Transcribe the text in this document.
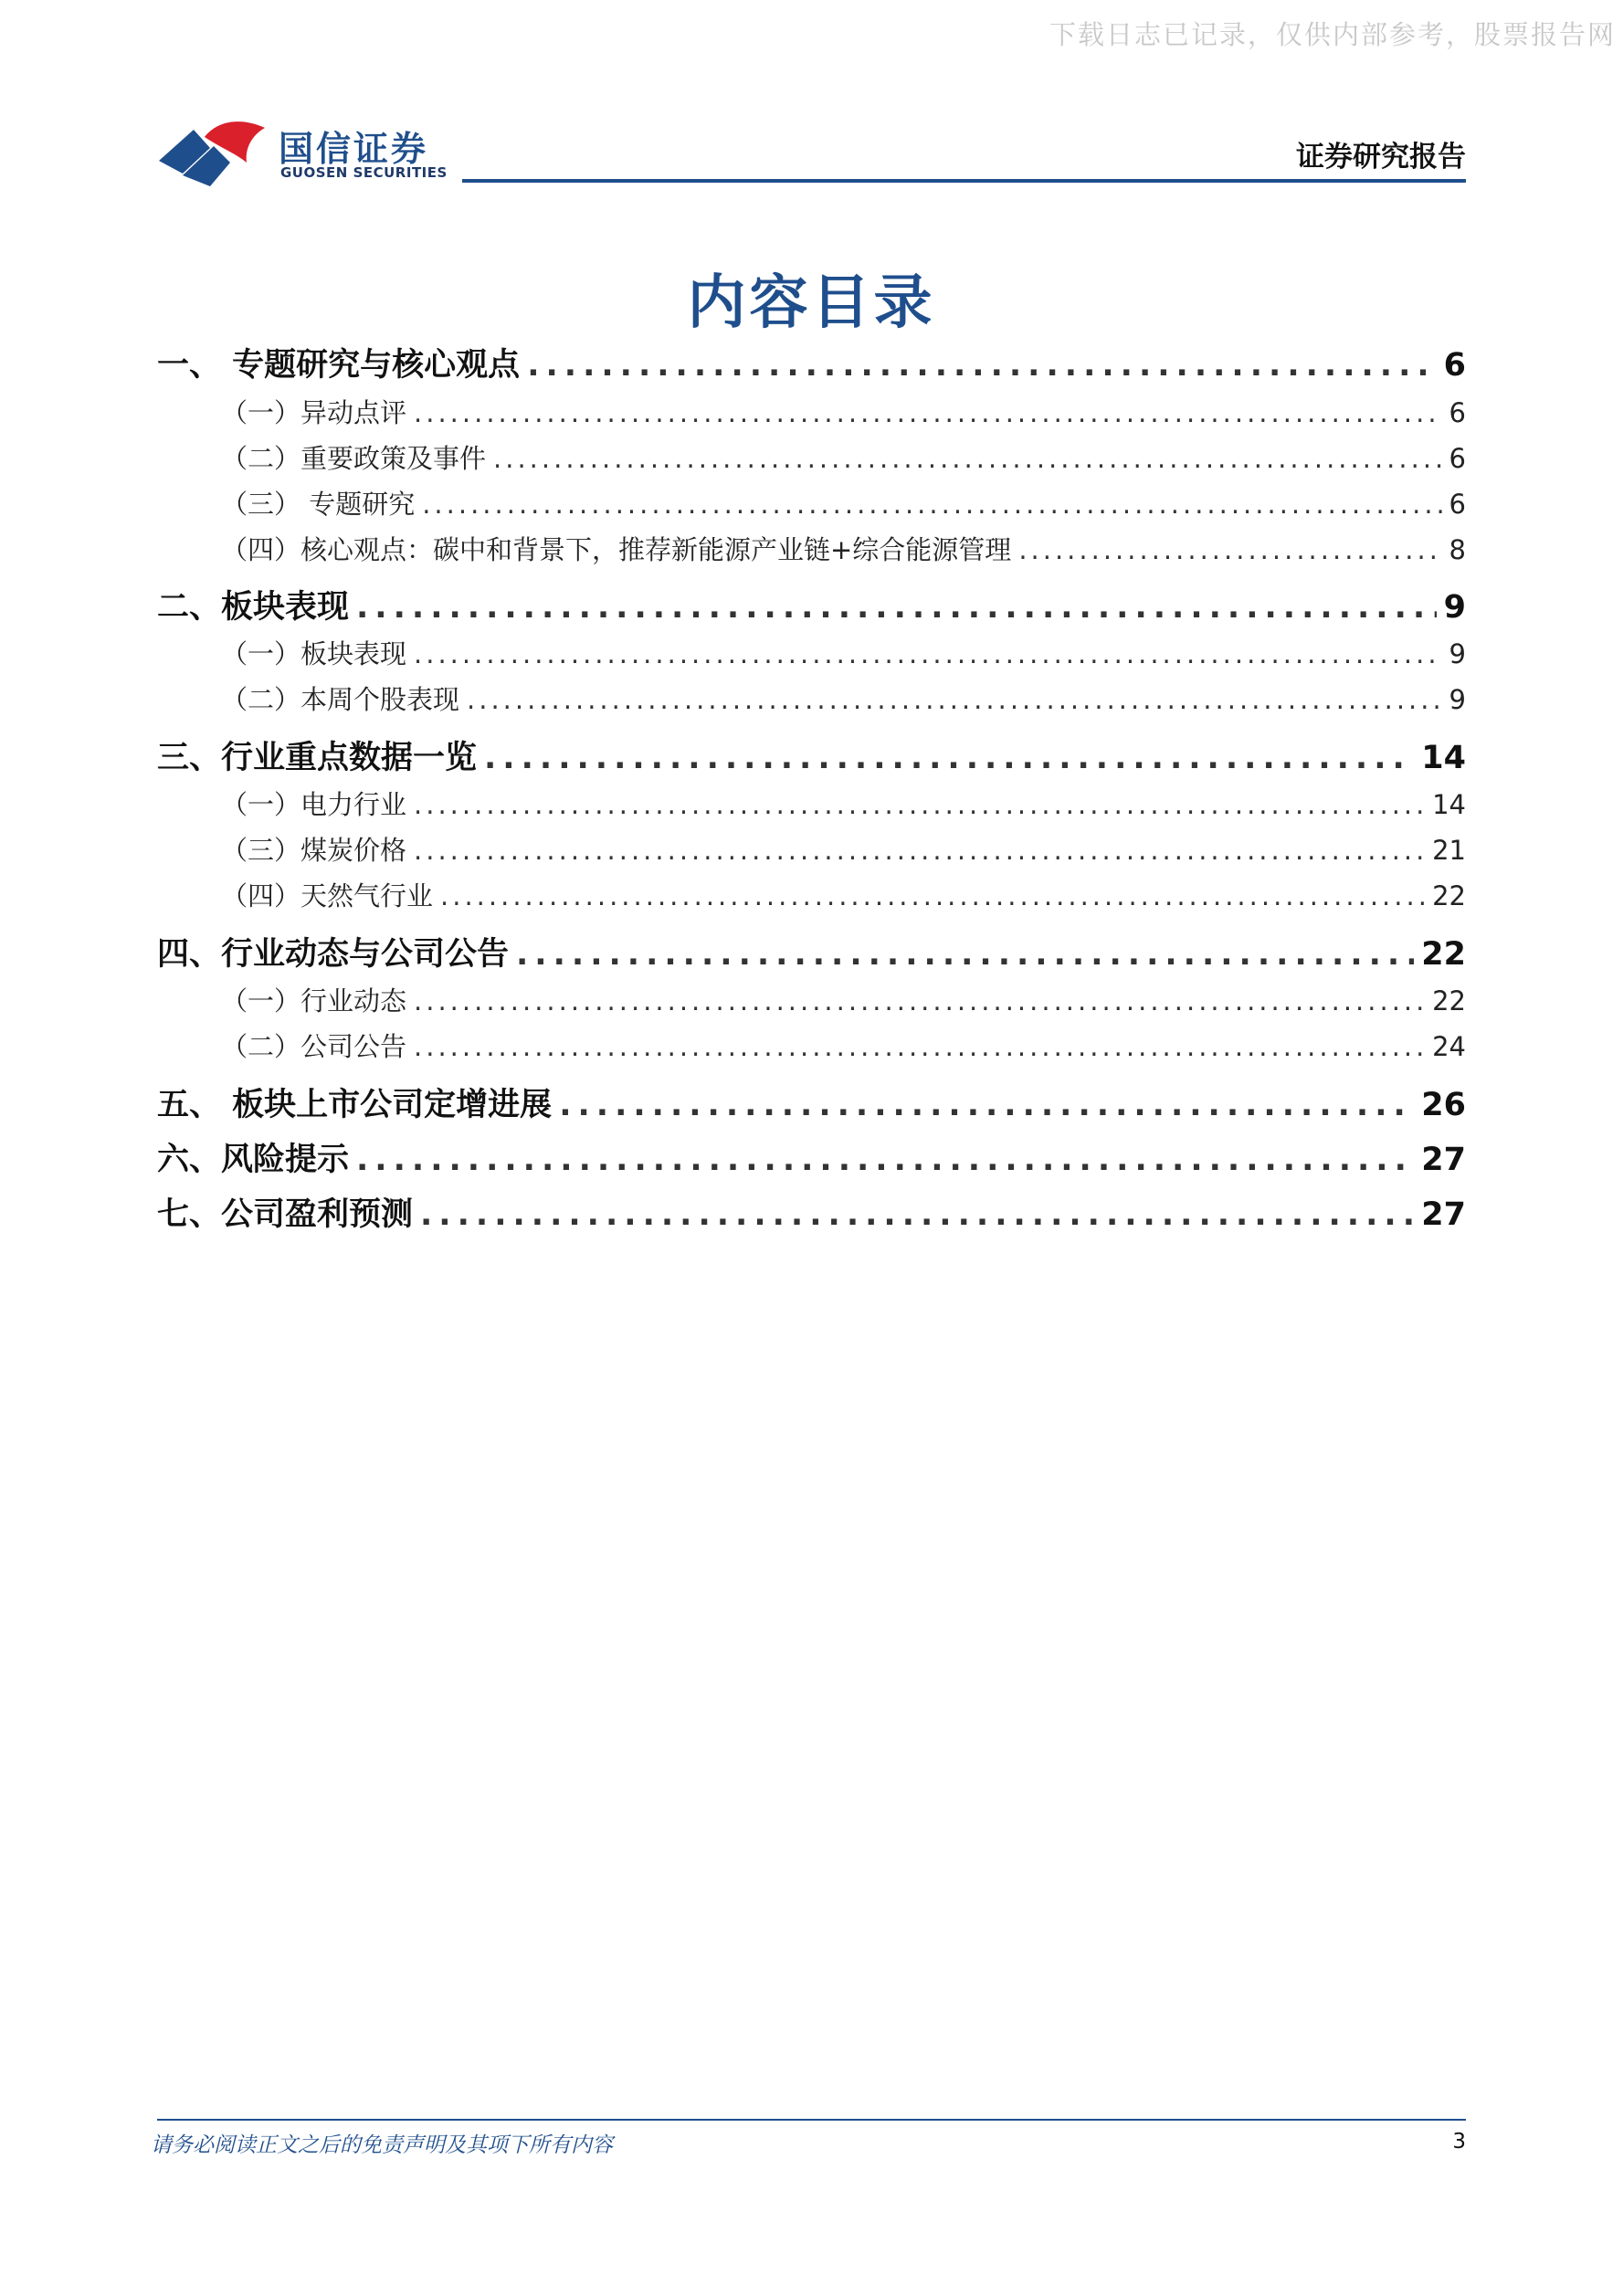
下载日志已记录，仅供内部参考，股票报告网
国信证券
GUOSEN SECURITIES	证券研究报告
内容目录
一、 专题研究与核心观点 .....	6
（一）异动点评 .....	6
（二）重要政策及事件 .....	6
（三） 专题研究 .....	6
（四）核心观点：碳中和背景下，推荐新能源产业链+综合能源管理 .....	8
二、板块表现 .....	9
（一）板块表现 .....	9
（二）本周个股表现 .....	9
三、行业重点数据一览 .....	14
（一）电力行业 .....	14
（三）煤炭价格 .....	21
（四）天然气行业 .....	22
四、行业动态与公司公告 .....	22
（一）行业动态 .....	22
（二）公司公告 .....	24
五、 板块上市公司定增进展 .....	26
六、风险提示 .....	27
七、公司盈利预测 .....	27
请务必阅读正文之后的免责声明及其项下所有内容	3
